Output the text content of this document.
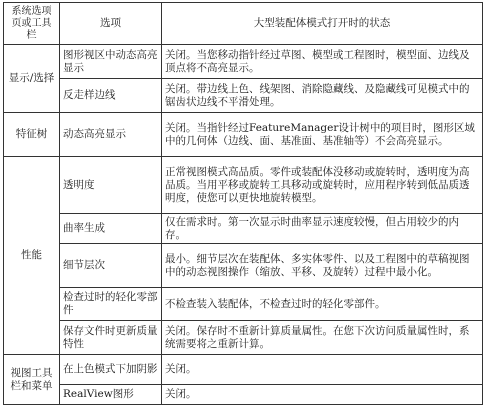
系统选项页或工具栏	选项	大型装配体模式打开时的状态
显示/选择	图形视区中动态高亮显示	关闭。当您移动指针经过草图、模型或工程图时，模型面、边线及顶点将不高亮显示。
	反走样边线	关闭。带边线上色、线架图、消除隐藏线、及隐藏线可见模式中的锯齿状边线不平滑处理。
特征树	动态高亮显示	关闭。当指针经过FeatureManager设计树中的项目时，图形区域中的几何体（边线、面、基准面、基准轴等）不会高亮显示。
性能	透明度	正常视图模式高品质。零件或装配体没移动或旋转时，透明度为高品质。当用平移或旋转工具移动或旋转时，应用程序转到低品质透明度，使您可以更快地旋转模型。
	曲率生成	仅在需求时。第一次显示时曲率显示速度较慢，但占用较少的内存。
	细节层次	最小。细节层次在装配体、多实体零件、以及工程图中的草稿视图中的动态视图操作（缩放、平移、及旋转）过程中最小化。
	检查过时的轻化零部件	不检查装入装配体，不检查过时的轻化零部件。
	保存文件时更新质量特性	关闭。保存时不重新计算质量属性。在您下次访问质量属性时，系统需要将之重新计算。
视图工具栏和菜单	在上色模式下加阴影	关闭。
	RealView图形	关闭。
